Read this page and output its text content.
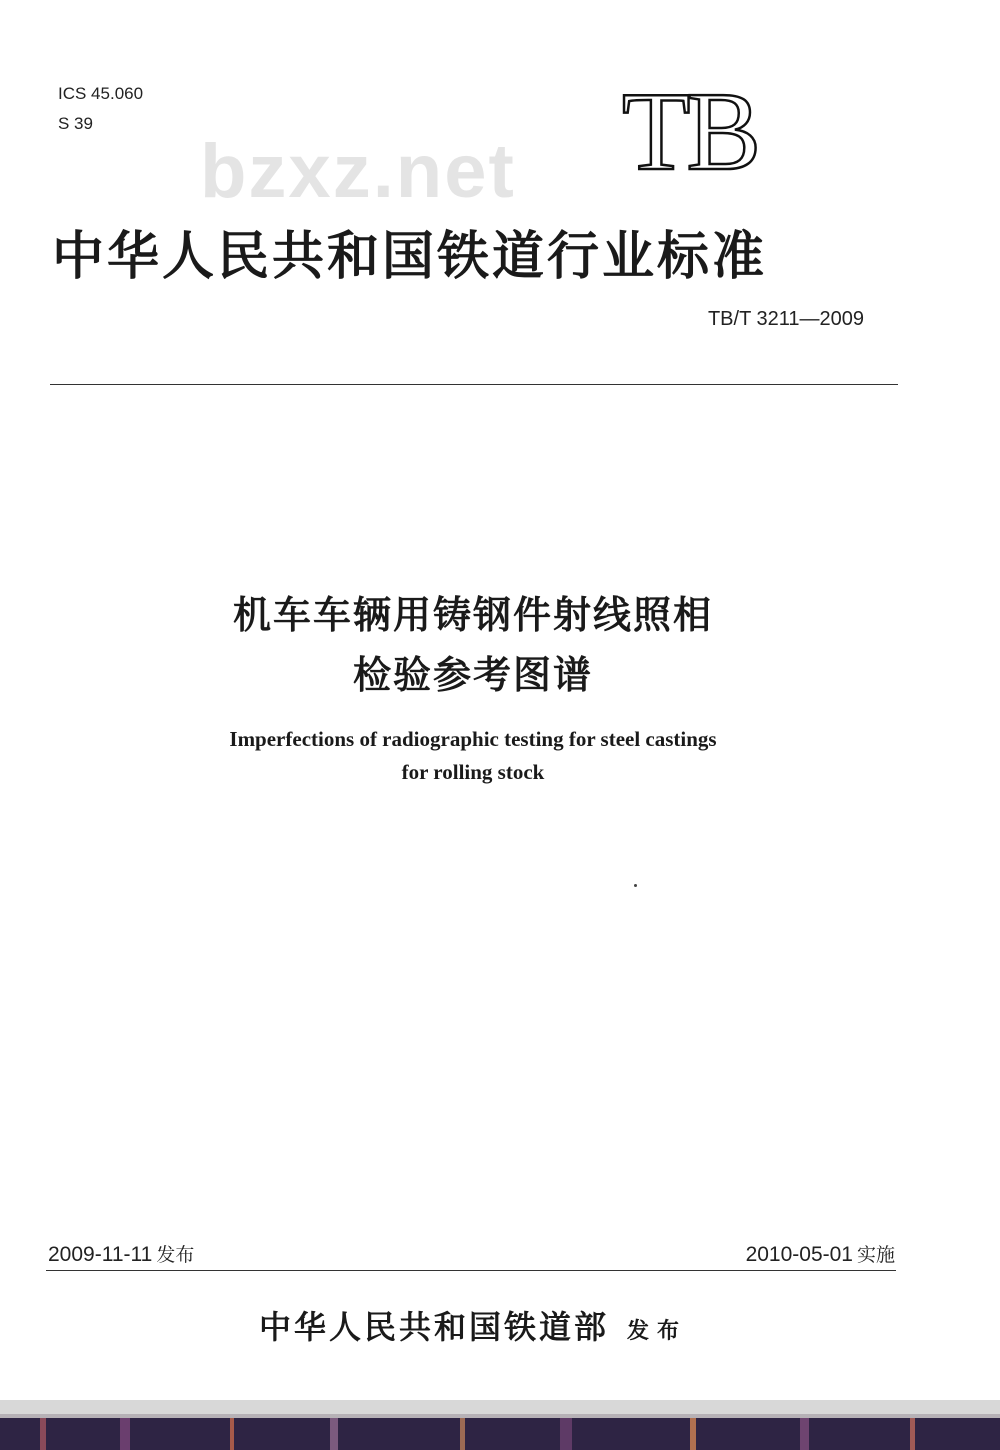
ICS 45.060
S 39
bzxz.net TB
中华人民共和国铁道行业标准
TB/T 3211—2009
机车车辆用铸钢件射线照相
检验参考图谱
Imperfections of radiographic testing for steel castings
for rolling stock
2009-11-11 发布	2010-05-01 实施
中华人民共和国铁道部 发布
